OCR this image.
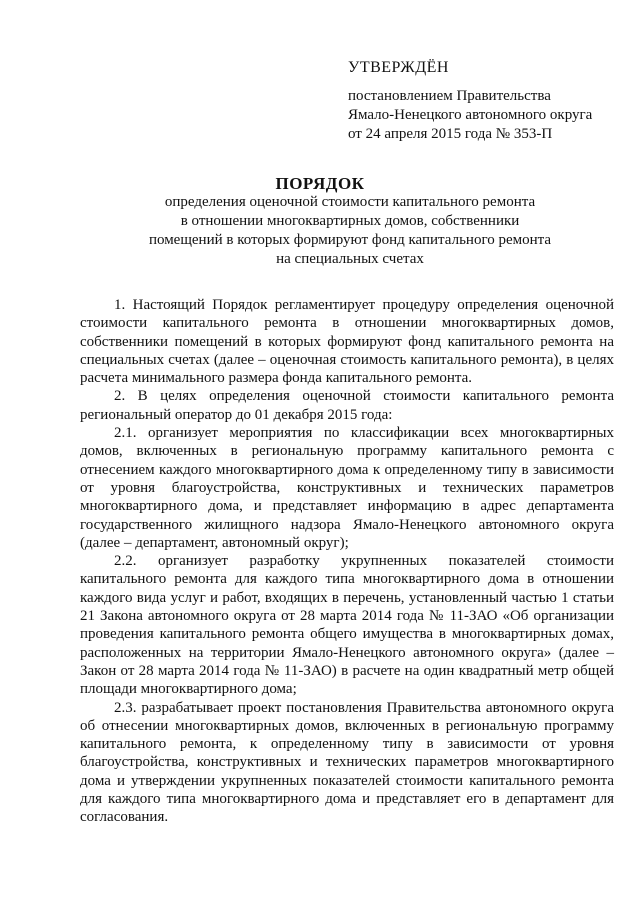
УТВЕРЖДЁН
постановлением Правительства
Ямало-Ненецкого автономного округа
от 24 апреля 2015 года № 353-П
ПОРЯДОК
определения оценочной стоимости капитального ремонта
в отношении многоквартирных домов, собственники
помещений в которых формируют фонд капитального ремонта
на специальных счетах

1. Настоящий Порядок регламентирует процедуру определения оценочной стоимости капитального ремонта в отношении многоквартирных домов, собственники помещений в которых формируют фонд капитального ремонта на специальных счетах (далее – оценочная стоимость капитального ремонта), в целях расчета минимального размера фонда капитального ремонта.

2. В целях определения оценочной стоимости капитального ремонта региональный оператор до 01 декабря 2015 года:

2.1. организует мероприятия по классификации всех многоквартирных домов, включенных в региональную программу капитального ремонта с отнесением каждого многоквартирного дома к определенному типу в зависимости от уровня благоустройства, конструктивных и технических параметров многоквартирного дома, и представляет информацию в адрес департамента государственного жилищного надзора Ямало-Ненецкого автономного округа (далее – департамент, автономный округ);

2.2. организует разработку укрупненных показателей стоимости капитального ремонта для каждого типа многоквартирного дома в отношении каждого вида услуг и работ, входящих в перечень, установленный частью 1 статьи 21 Закона автономного округа от 28 марта 2014 года № 11-ЗАО «Об организации проведения капитального ремонта общего имущества в многоквартирных домах, расположенных на территории Ямало-Ненецкого автономного округа» (далее – Закон от 28 марта 2014 года № 11-ЗАО) в расчете на один квадратный метр общей площади многоквартирного дома;

2.3. разрабатывает проект постановления Правительства автономного округа об отнесении многоквартирных домов, включенных в региональную программу капитального ремонта, к определенному типу в зависимости от уровня благоустройства, конструктивных и технических параметров многоквартирного дома и утверждении укрупненных показателей стоимости капитального ремонта для каждого типа многоквартирного дома и представляет его в департамент для согласования.
